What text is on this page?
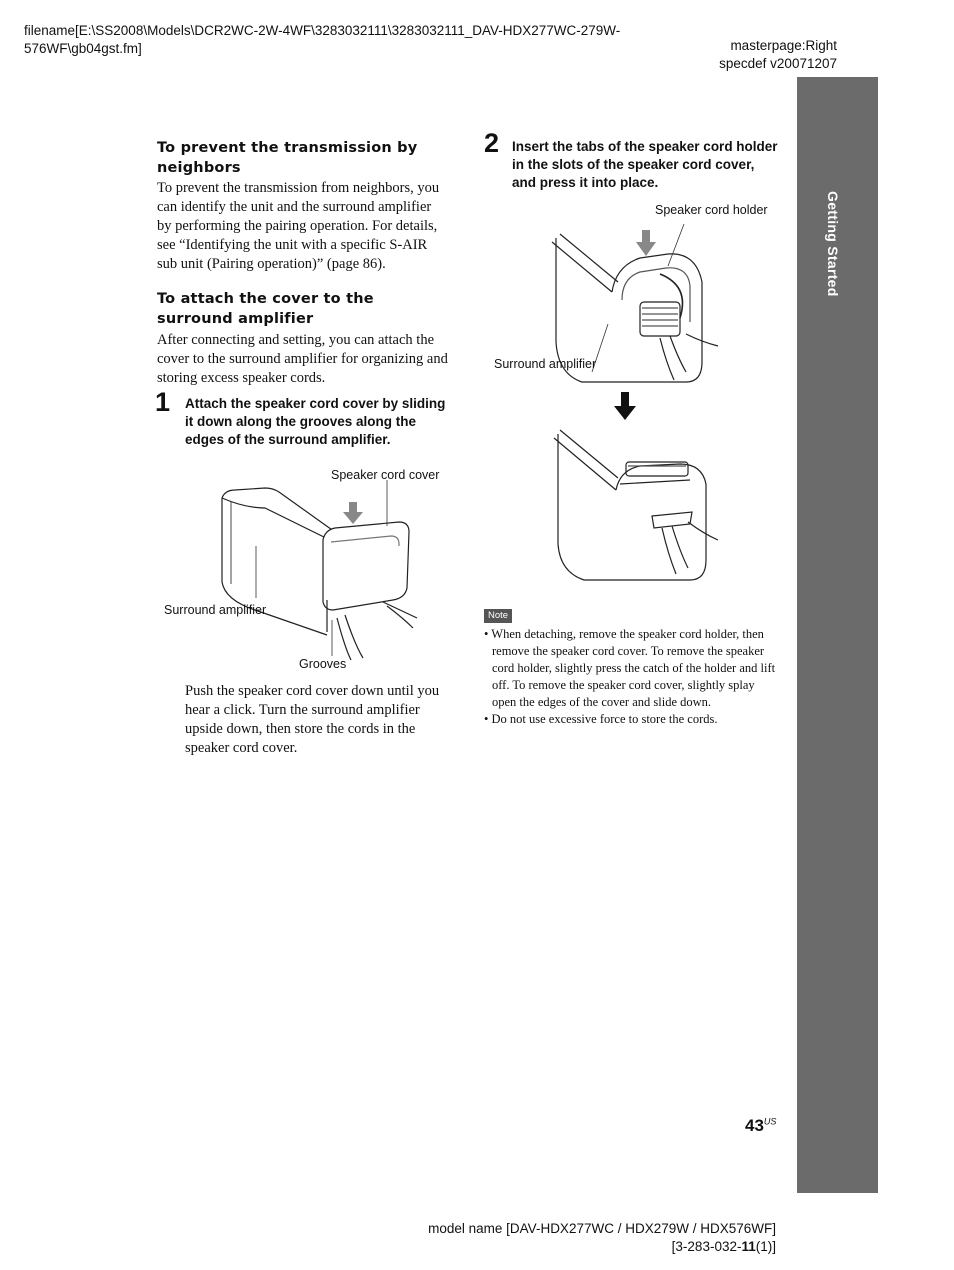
filename[E:\SS2008\Models\DCR2WC-2W-4WF\3283032111\3283032111_DAV-HDX277WC-279W-576WF\gb04gst.fm]	masterpage:Right
specdef v20071207
Getting Started
To prevent the transmission by neighbors

To prevent the transmission from neighbors, you can identify the unit and the surround amplifier by performing the pairing operation. For details, see “Identifying the unit with a specific S-AIR sub unit (Pairing operation)” (page 86).

To attach the cover to the surround amplifier

After connecting and setting, you can attach the cover to the surround amplifier for organizing and storing excess speaker cords.

1 Attach the speaker cord cover by sliding it down along the grooves along the edges of the surround amplifier.
Speaker cord cover
Surround amplifier
Grooves

Push the speaker cord cover down until you hear a click. Turn the surround amplifier upside down, then store the cords in the speaker cord cover.

2 Insert the tabs of the speaker cord holder in the slots of the speaker cord cover, and press it into place.
Speaker cord holder
Surround amplifier
Note
• When detaching, remove the speaker cord holder, then remove the speaker cord cover. To remove the speaker cord holder, slightly press the catch of the holder and lift off. To remove the speaker cord cover, slightly splay open the edges of the cover and slide down.
• Do not use excessive force to store the cords.
$43^{US}$
model name [DAV-HDX277WC / HDX279W / HDX576WF]
[3-283-032-11(1)]
